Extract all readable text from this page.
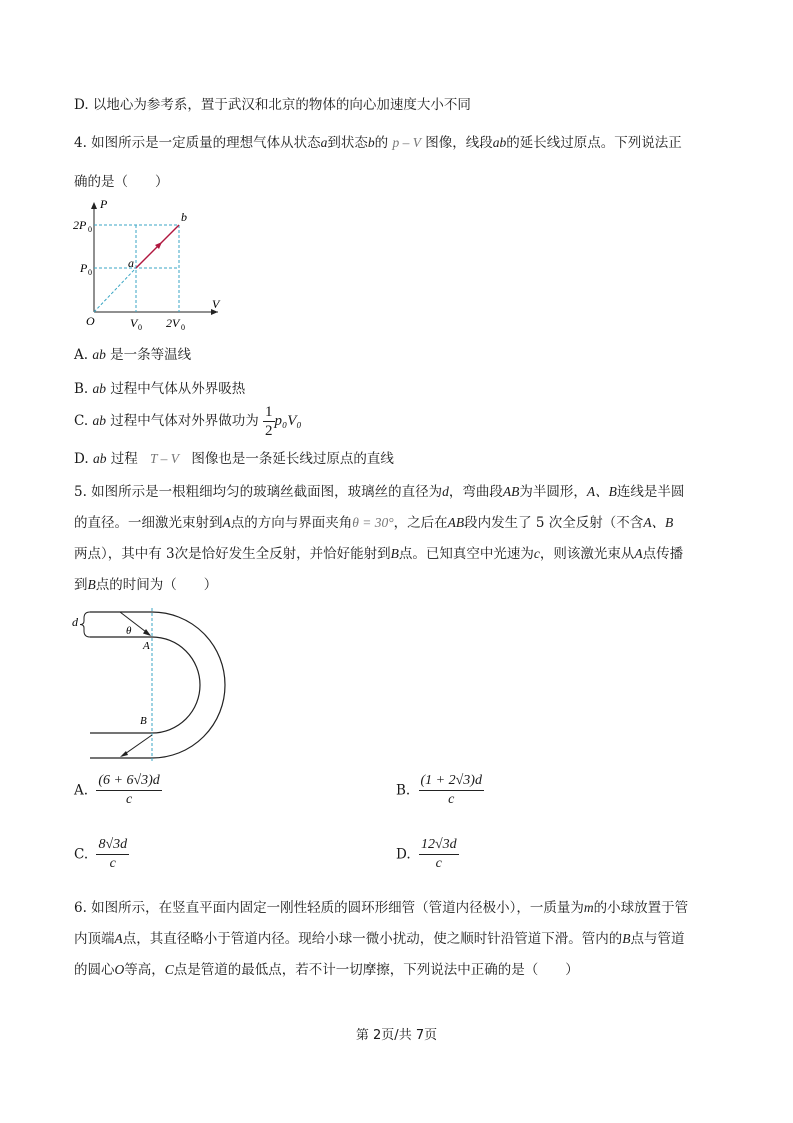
D. 以地心为参考系，置于武汉和北京的物体的向心加速度大小不同
4. 如图所示是一定质量的理想气体从状态a到状态b的 p – V 图像，线段ab的延长线过原点。下列说法正
确的是（　　）
P
V
O
2P 0
P 0
V 0 2V 0
a
b
A. ab 是一条等温线
B. ab 过程中气体从外界吸热
C. ab 过程中气体对外界做功为 $\frac{1}{2} p_0V_0$
D. ab 过程 T – V 图像也是一条延长线过原点的直线
5. 如图所示是一根粗细均匀的玻璃丝截面图，玻璃丝的直径为d，弯曲段AB为半圆形，A、B连线是半圆
的直径。一细激光束射到A点的方向与界面夹角θ = 30°，之后在AB段内发生了 5 次全反射（不含A、B
两点），其中有 3次是恰好发生全反射，并恰好能射到B点。已知真空中光速为c，则该激光束从A点传播
到B点的时间为（　　）
d
θ
A
B
A. $\frac{(6 + 6√3)d}{c}$	B. $\frac{(1 + 2√3)d}{c}$
C. $\frac{8√3d}{c}$	D. $\frac{12√3d}{c}$
6. 如图所示，在竖直平面内固定一刚性轻质的圆环形细管（管道内径极小），一质量为m的小球放置于管
内顶端A点，其直径略小于管道内径。现给小球一微小扰动，使之顺时针沿管道下滑。管内的B点与管道
的圆心O等高，C点是管道的最低点，若不计一切摩擦，下列说法中正确的是（　　）
第 2页/共 7页
